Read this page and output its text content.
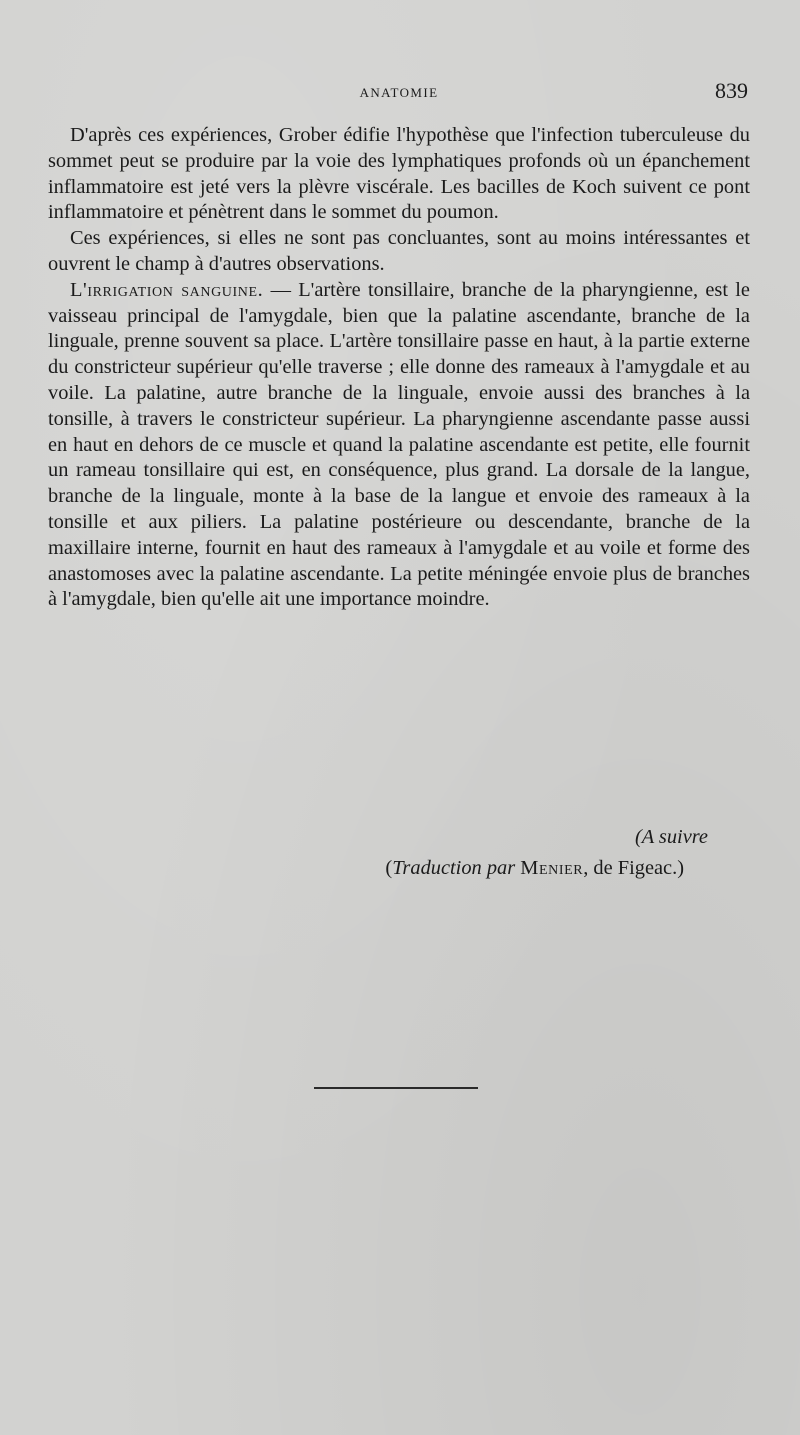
ANATOMIE	839

D'après ces expériences, Grober édifie l'hypothèse que l'infection tuberculeuse du sommet peut se produire par la voie des lymphatiques profonds où un épanchement inflammatoire est jeté vers la plèvre viscérale. Les bacilles de Koch suivent ce pont inflammatoire et pénètrent dans le sommet du poumon.

Ces expériences, si elles ne sont pas concluantes, sont au moins intéressantes et ouvrent le champ à d'autres observations.

L'irrigation sanguine. — L'artère tonsillaire, branche de la pharyngienne, est le vaisseau principal de l'amygdale, bien que la palatine ascendante, branche de la linguale, prenne souvent sa place. L'artère tonsillaire passe en haut, à la partie externe du constricteur supérieur qu'elle traverse ; elle donne des rameaux à l'amygdale et au voile. La palatine, autre branche de la linguale, envoie aussi des branches à la tonsille, à travers le constricteur supérieur. La pharyngienne ascendante passe aussi en haut en dehors de ce muscle et quand la palatine ascendante est petite, elle fournit un rameau tonsillaire qui est, en conséquence, plus grand. La dorsale de la langue, branche de la linguale, monte à la base de la langue et envoie des rameaux à la tonsille et aux piliers. La palatine postérieure ou descendante, branche de la maxillaire interne, fournit en haut des rameaux à l'amygdale et au voile et forme des anastomoses avec la palatine ascendante. La petite méningée envoie plus de branches à l'amygdale, bien qu'elle ait une importance moindre.

(A suivre
(Traduction par Menier, de Figeac.)
